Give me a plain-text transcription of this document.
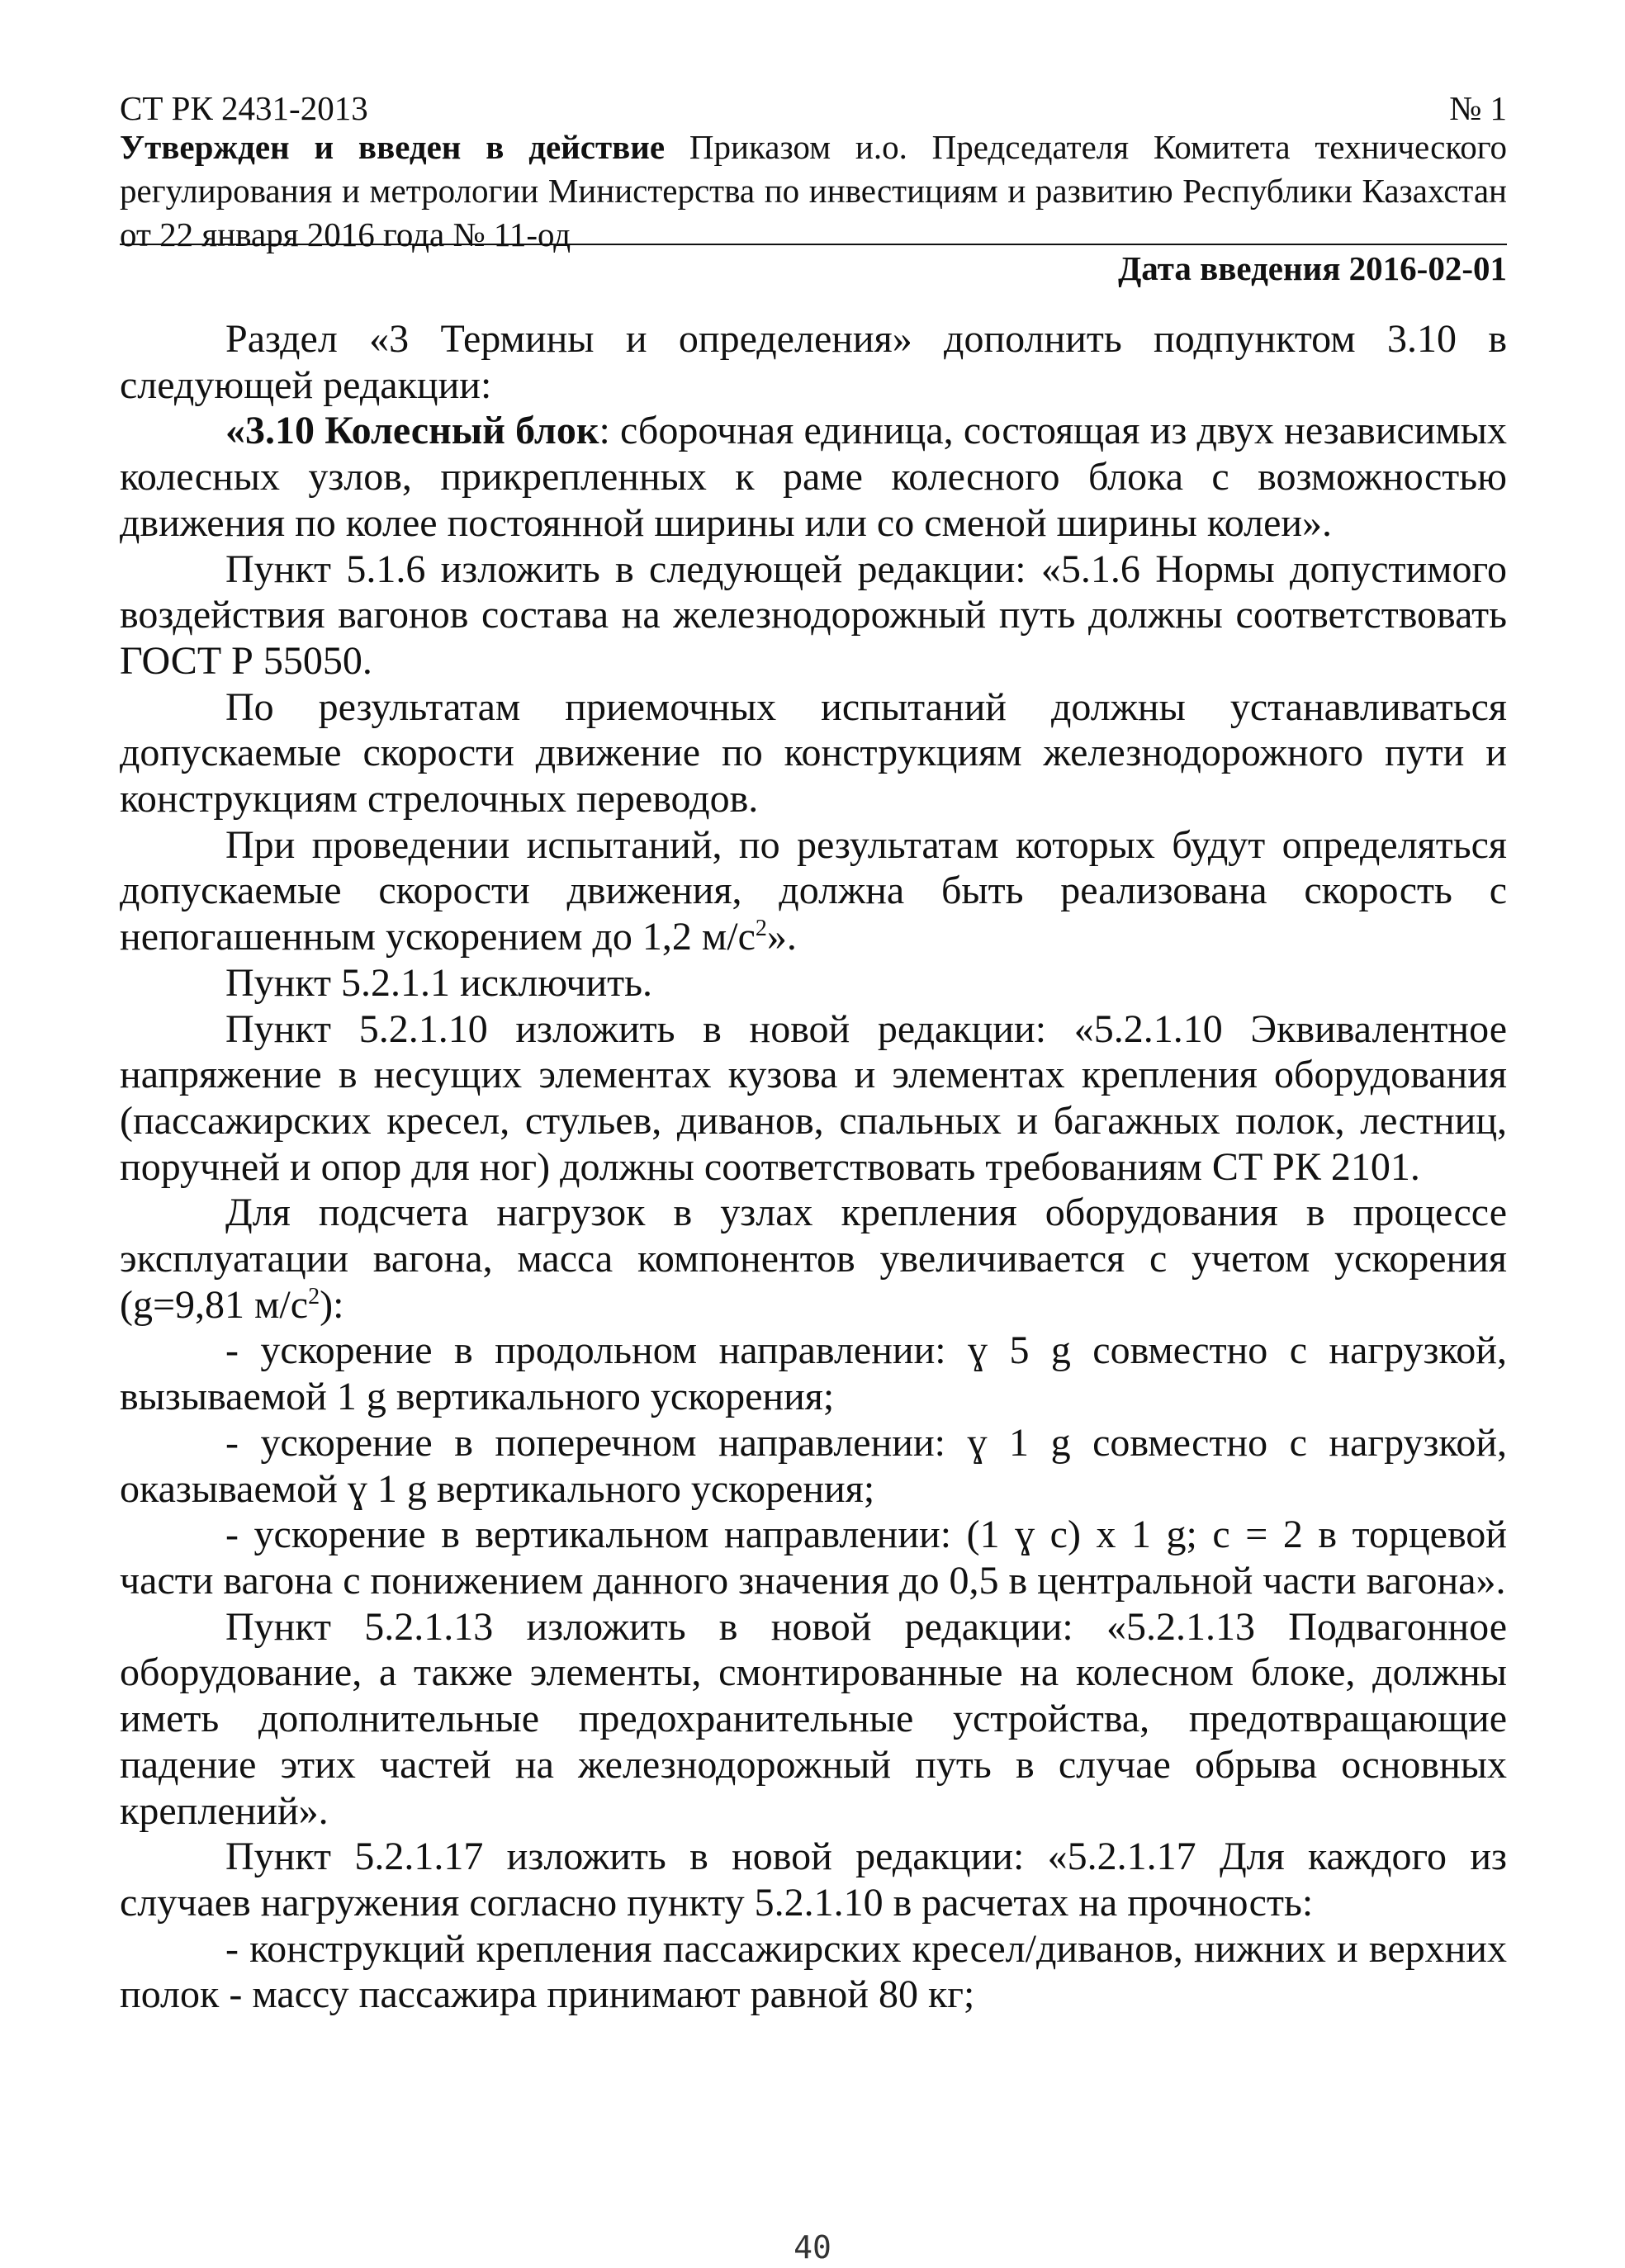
СТ РК 2431-2013	№ 1
Утвержден и введен в действие Приказом и.о. Председателя Комитета технического регулирования и метрологии Министерства по инвестициям и развитию Республики Казахстан от 22 января 2016 года № 11-од
Дата введения 2016-02-01

Раздел «3 Термины и определения» дополнить подпунктом 3.10 в следующей редакции:

«3.10 Колесный блок: сборочная единица, состоящая из двух независимых колесных узлов, прикрепленных к раме колесного блока с возможностью движения по колее постоянной ширины или со сменой ширины колеи».

Пункт 5.1.6 изложить в следующей редакции: «5.1.6 Нормы допустимого воздействия вагонов состава на железнодорожный путь должны соответствовать ГОСТ Р 55050.

По результатам приемочных испытаний должны устанавливаться допускаемые скорости движение по конструкциям железнодорожного пути и конструкциям стрелочных переводов.

При проведении испытаний, по результатам которых будут определяться допускаемые скорости движения, должна быть реализована скорость с непогашенным ускорением до 1,2 $м/с^2$».

Пункт 5.2.1.1 исключить.

Пункт 5.2.1.10 изложить в новой редакции: «5.2.1.10 Эквивалентное напряжение в несущих элементах кузова и элементах крепления оборудования (пассажирских кресел, стульев, диванов, спальных и багажных полок, лестниц, поручней и опор для ног) должны соответствовать требованиям СТ РК 2101.

Для подсчета нагрузок в узлах крепления оборудования в процессе эксплуатации вагона, масса компонентов увеличивается с учетом ускорения (g=9,81 $м/с^2$):

- ускорение в продольном направлении: ɣ 5 g совместно с нагрузкой, вызываемой 1 g вертикального ускорения;

- ускорение в поперечном направлении: ɣ 1 g совместно с нагрузкой, оказываемой ɣ 1 g вертикального ускорения;

- ускорение в вертикальном направлении: (1 ɣ с) х 1 g; с = 2 в торцевой части вагона с понижением данного значения до 0,5 в центральной части вагона».

Пункт 5.2.1.13 изложить в новой редакции: «5.2.1.13 Подвагонное оборудование, а также элементы, смонтированные на колесном блоке, должны иметь дополнительные предохранительные устройства, предотвращающие падение этих частей на железнодорожный путь в случае обрыва основных креплений».

Пункт 5.2.1.17 изложить в новой редакции: «5.2.1.17 Для каждого из случаев нагружения согласно пункту 5.2.1.10 в расчетах на прочность:

- конструкций крепления пассажирских кресел/диванов, нижних и верхних полок - массу пассажира принимают равной 80 кг;

40
